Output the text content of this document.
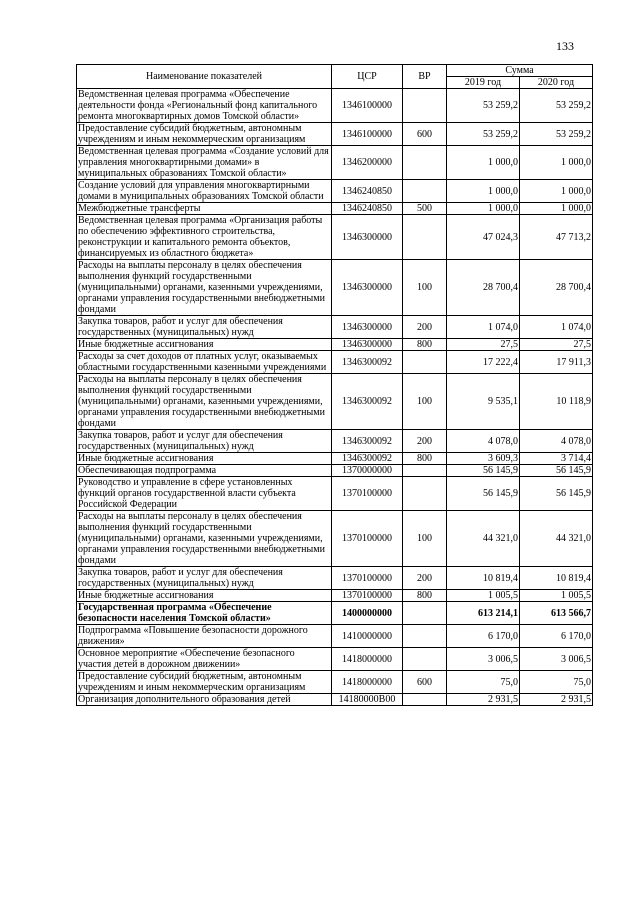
133
Наименование показателей	ЦСР	ВР	Сумма	
			2019 год	2020 год
Ведомственная целевая программа «Обеспечение деятельности фонда «Региональный фонд капитального ремонта многоквартирных домов Томской области»	1346100000		53 259,2	53 259,2
Предоставление субсидий бюджетным, автономным учреждениям и иным некоммерческим организациям	1346100000	600	53 259,2	53 259,2
Ведомственная целевая программа «Создание условий для управления многоквартирными домами» в муниципальных образованиях Томской области»	1346200000		1 000,0	1 000,0
Создание условий для управления многоквартирными домами в муниципальных образованиях Томской области	1346240850		1 000,0	1 000,0
Межбюджетные трансферты	1346240850	500	1 000,0	1 000,0
Ведомственная целевая программа «Организация работы по обеспечению эффективного строительства, реконструкции и капитального ремонта объектов, финансируемых из областного бюджета»	1346300000		47 024,3	47 713,2
Расходы на выплаты персоналу в целях обеспечения выполнения функций государственными (муниципальными) органами, казенными учреждениями, органами управления государственными внебюджетными фондами	1346300000	100	28 700,4	28 700,4
Закупка товаров, работ и услуг для обеспечения государственных (муниципальных) нужд	1346300000	200	1 074,0	1 074,0
Иные бюджетные ассигнования	1346300000	800	27,5	27,5
Расходы за счет доходов от платных услуг, оказываемых областными государственными казенными учреждениями	1346300092		17 222,4	17 911,3
Расходы на выплаты персоналу в целях обеспечения выполнения функций государственными (муниципальными) органами, казенными учреждениями, органами управления государственными внебюджетными фондами	1346300092	100	9 535,1	10 118,9
Закупка товаров, работ и услуг для обеспечения государственных (муниципальных) нужд	1346300092	200	4 078,0	4 078,0
Иные бюджетные ассигнования	1346300092	800	3 609,3	3 714,4
Обеспечивающая подпрограмма	1370000000		56 145,9	56 145,9
Руководство и управление в сфере установленных функций органов государственной власти субъекта Российской Федерации	1370100000		56 145,9	56 145,9
Расходы на выплаты персоналу в целях обеспечения выполнения функций государственными (муниципальными) органами, казенными учреждениями, органами управления государственными внебюджетными фондами	1370100000	100	44 321,0	44 321,0
Закупка товаров, работ и услуг для обеспечения государственных (муниципальных) нужд	1370100000	200	10 819,4	10 819,4
Иные бюджетные ассигнования	1370100000	800	1 005,5	1 005,5
Государственная программа «Обеспечение безопасности населения Томской области»	1400000000		613 214,1	613 566,7
Подпрограмма «Повышение безопасности дорожного движения»	1410000000		6 170,0	6 170,0
Основное мероприятие «Обеспечение безопасного участия детей в дорожном движении»	1418000000		3 006,5	3 006,5
Предоставление субсидий бюджетным, автономным учреждениям и иным некоммерческим организациям	1418000000	600	75,0	75,0
Организация дополнительного образования детей	14180000В00		2 931,5	2 931,5
